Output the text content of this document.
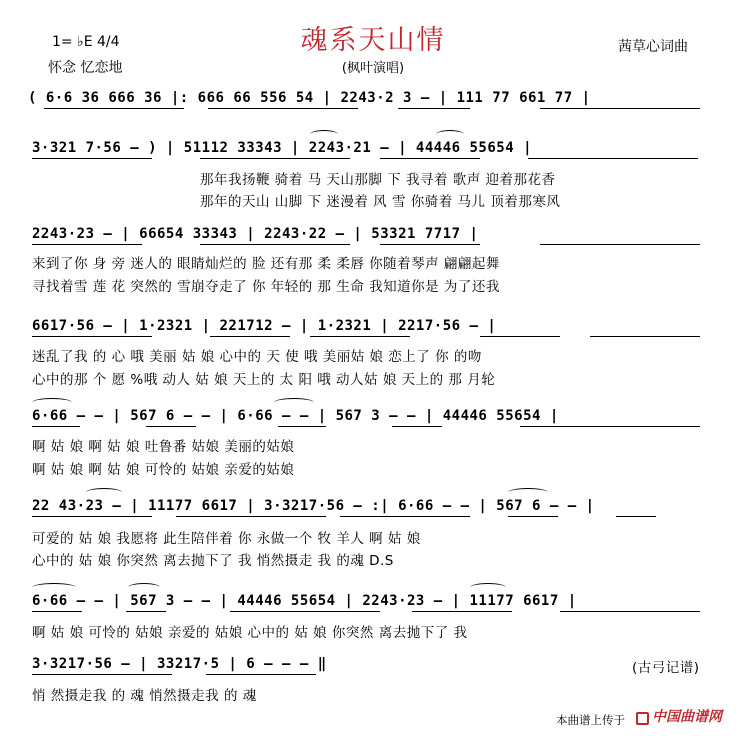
魂系天山情
(枫叶演唱)
1= ♭E 4/4
怀念 忆恋地
茜草心词曲
( 6·6 36 666 36 |: 666 66 556 54 | 2243·2 3 – | 111 77 661 77 |
3·321 7·56 – ) | 51112 33343 | 2243·21 – | 44446 55654 |
那年我扬鞭 骑着 马 天山那脚 下 我寻着 歌声 迎着那花香
那年的天山 山脚 下 迷漫着 风 雪 你骑着 马儿 顶着那寒风
2243·23 – | 66654 33343 | 2243·22 – | 53321 7717 |
来到了你 身 旁 迷人的 眼睛灿烂的 脸 还有那 柔 柔唇 你随着琴声 翩翩起舞
寻找着雪 莲 花 突然的 雪崩夺走了 你 年轻的 那 生命 我知道你是 为了还我
6617·56 – | 1·2321 | 221712 – | 1·2321 | 2217·56 – |
迷乱了我 的 心 哦 美丽 姑 娘 心中的 天 使 哦 美丽姑 娘 恋上了 你 的吻
心中的那 个 愿 %哦 动人 姑 娘 天上的 太 阳 哦 动人姑 娘 天上的 那 月轮
6·66 – – | 567 6 – – | 6·66 – – | 567 3 – – | 44446 55654 |
啊 姑 娘 啊 姑 娘 吐鲁番 姑娘 美丽的姑娘
啊 姑 娘 啊 姑 娘 可怜的 姑娘 亲爱的姑娘
22 43·23 – | 11177 6617 | 3·3217·56 – :| 6·66 – – | 567 6 – – |
可爱的 姑 娘 我愿将 此生陪伴着 你 永做一个 牧 羊人 啊 姑 娘
心中的 姑 娘 你突然 离去抛下了 我 悄然摄走 我 的魂 D.S
6·66 – – | 567 3 – – | 44446 55654 | 2243·23 – | 11177 6617 |
啊 姑 娘 可怜的 姑娘 亲爱的 姑娘 心中的 姑 娘 你突然 离去抛下了 我
3·3217·56 – | 33217·5 | 6 – – – ‖
悄 然摄走我 的 魂 悄然摄走我 的 魂
(古弓记谱)
本曲谱上传于 中国曲谱网
